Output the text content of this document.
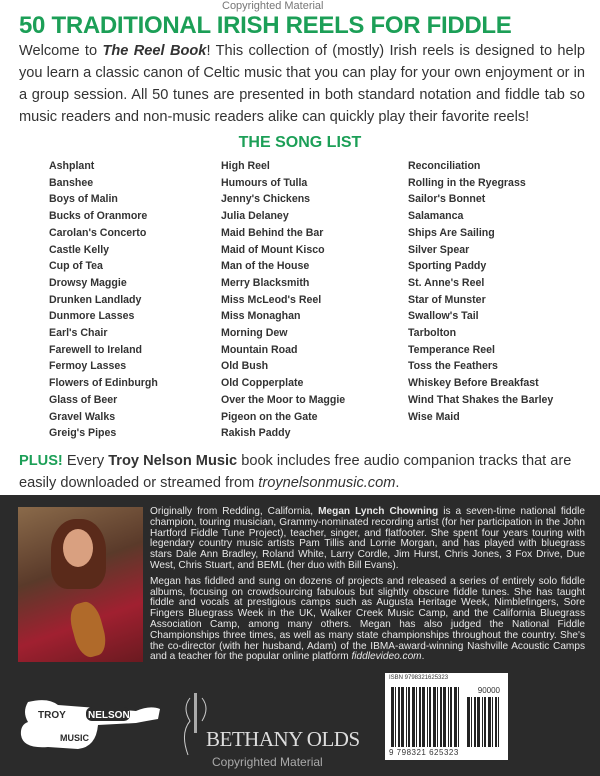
Copyrighted Material
50 TRADITIONAL IRISH REELS FOR FIDDLE
Welcome to The Reel Book! This collection of (mostly) Irish reels is designed to help you learn a classic canon of Celtic music that you can play for your own enjoyment or in a group session. All 50 tunes are presented in both standard notation and fiddle tab so music readers and non-music readers alike can quickly play their favorite reels!
THE SONG LIST
Ashplant
Banshee
Boys of Malin
Bucks of Oranmore
Carolan's Concerto
Castle Kelly
Cup of Tea
Drowsy Maggie
Drunken Landlady
Dunmore Lasses
Earl's Chair
Farewell to Ireland
Fermoy Lasses
Flowers of Edinburgh
Glass of Beer
Gravel Walks
Greig's Pipes
High Reel
Humours of Tulla
Jenny's Chickens
Julia Delaney
Maid Behind the Bar
Maid of Mount Kisco
Man of the House
Merry Blacksmith
Miss McLeod's Reel
Miss Monaghan
Morning Dew
Mountain Road
Old Bush
Old Copperplate
Over the Moor to Maggie
Pigeon on the Gate
Rakish Paddy
Reconciliation
Rolling in the Ryegrass
Sailor's Bonnet
Salamanca
Ships Are Sailing
Silver Spear
Sporting Paddy
St. Anne's Reel
Star of Munster
Swallow's Tail
Tarbolton
Temperance Reel
Toss the Feathers
Whiskey Before Breakfast
Wind That Shakes the Barley
Wise Maid
PLUS! Every Troy Nelson Music book includes free audio companion tracks that are easily downloaded or streamed from troynelsonmusic.com.

Originally from Redding, California, Megan Lynch Chowning is a seven-time national fiddle champion, touring musician, Grammy-nominated recording artist (for her participation in the John Hartford Fiddle Tune Project), teacher, singer, and flatfooter. She spent four years touring with legendary country music artists Pam Tillis and Lorrie Morgan, and has played with bluegrass stars Dale Ann Bradley, Roland White, Larry Cordle, Jim Hurst, Chris Jones, 3 Fox Drive, Due West, Chris Stuart, and BEML (her duo with Bill Evans).

Megan has fiddled and sung on dozens of projects and released a series of entirely solo fiddle albums, focusing on crowdsourcing fabulous but slightly obscure fiddle tunes. She has taught fiddle and vocals at prestigious camps such as Augusta Heritage Week, Nimblefingers, Sore Fingers Bluegrass Week in the UK, Walker Creek Music Camp, and the California Bluegrass Association Camp, among many others. Megan has also judged the National Fiddle Championships three times, as well as many state championships throughout the country. She's the co-director (with her husband, Adam) of the IBMA-award-winning Nashville Acoustic Camps and a teacher for the popular online platform fiddlevideo.com.

TROY NELSON
MUSIC	BETHANY OLDS
Copyrighted Material
ISBN 9798321625323
90000
9 798321 625323
